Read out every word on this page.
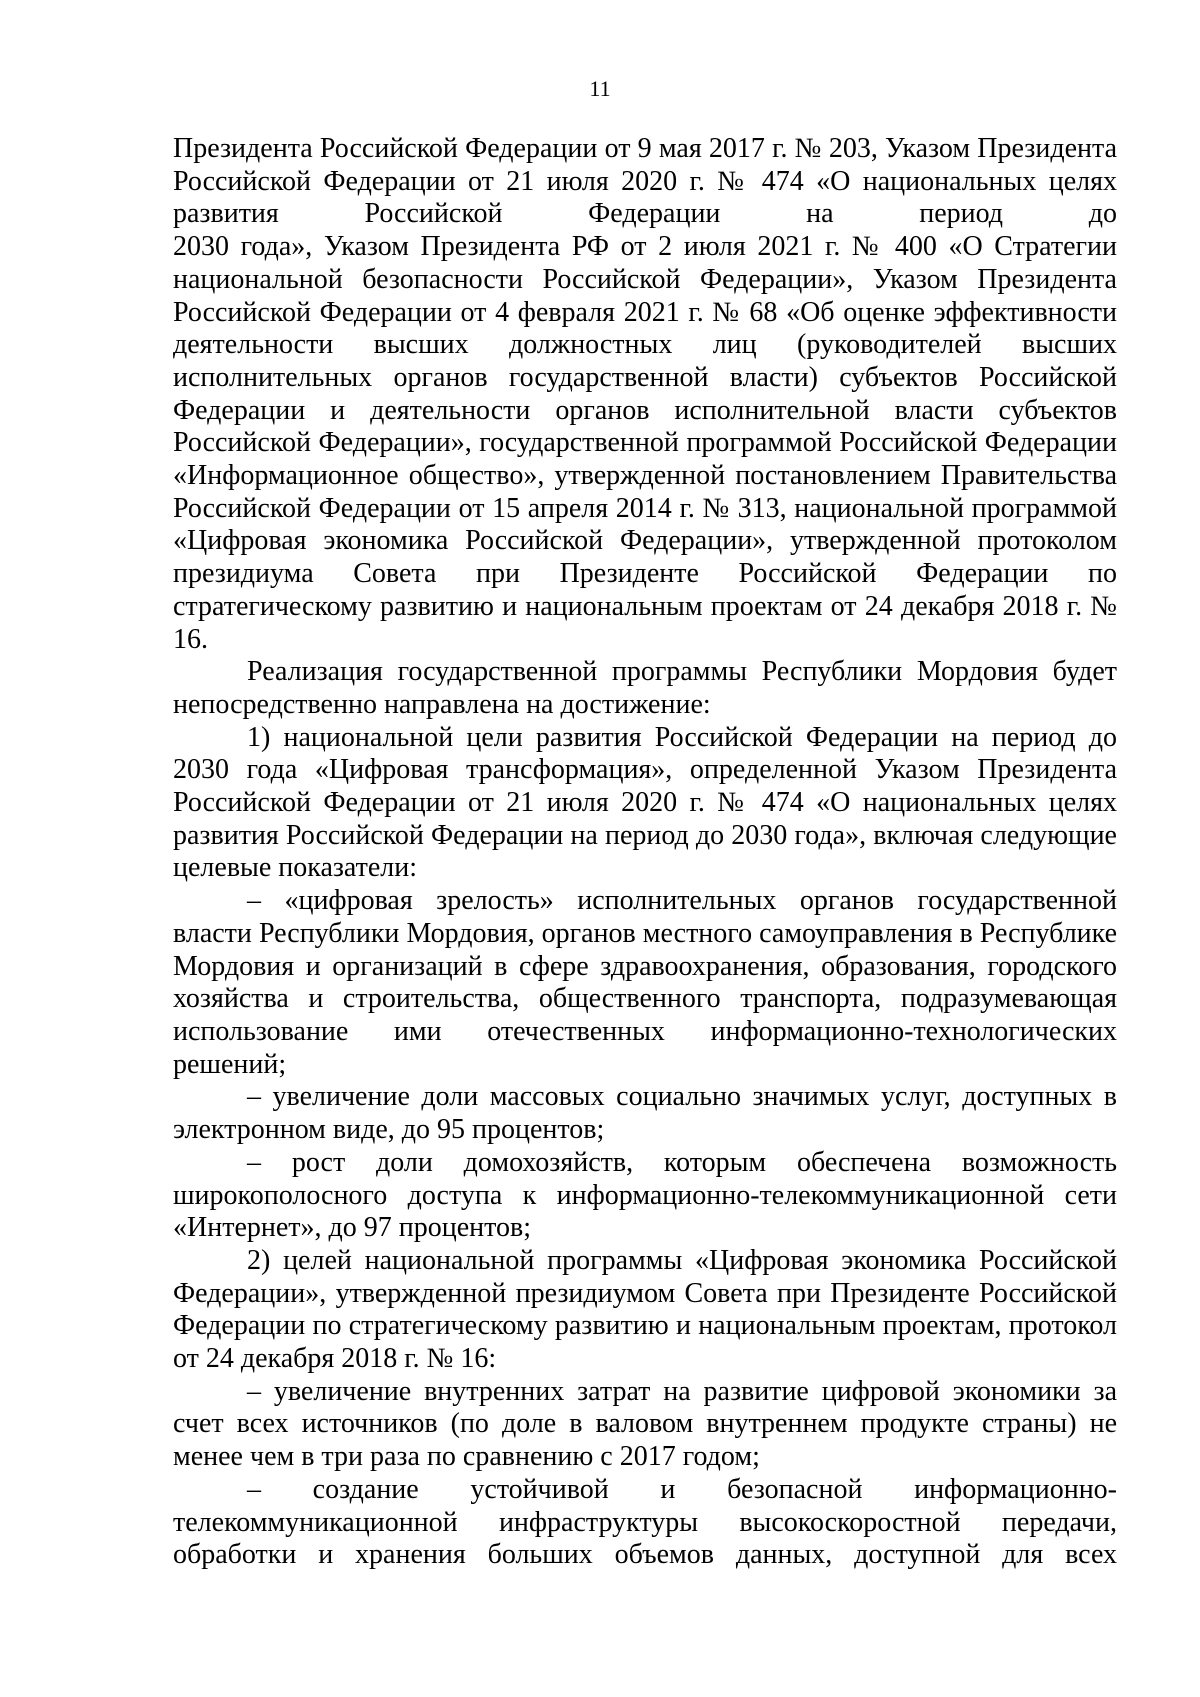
11

Президента Российской Федерации от 9 мая 2017 г. № 203, Указом Президента Российской Федерации от 21 июля 2020 г. № 474 «О национальных целях развития Российской Федерации на период до

2030 года», Указом Президента РФ от 2 июля 2021 г. № 400 «О Стратегии национальной безопасности Российской Федерации», Указом Президента Российской Федерации от 4 февраля 2021 г. № 68 «Об оценке эффективности деятельности высших должностных лиц (руководителей высших исполнительных органов государственной власти) субъектов Российской Федерации и деятельности органов исполнительной власти субъектов Российской Федерации», государственной программой Российской Федерации «Информационное общество», утвержденной постановлением Правительства Российской Федерации от 15 апреля 2014 г. № 313, национальной программой «Цифровая экономика Российской Федерации», утвержденной протоколом президиума Совета при Президенте Российской Федерации по стратегическому развитию и национальным проектам от 24 декабря 2018 г. № 16.

Реализация государственной программы Республики Мордовия будет непосредственно направлена на достижение:

1) национальной цели развития Российской Федерации на период до 2030 года «Цифровая трансформация», определенной Указом Президента Российской Федерации от 21 июля 2020 г. № 474 «О национальных целях развития Российской Федерации на период до 2030 года», включая следующие целевые показатели:

– «цифровая зрелость» исполнительных органов государственной власти Республики Мордовия, органов местного самоуправления в Республике Мордовия и организаций в сфере здравоохранения, образования, городского хозяйства и строительства, общественного транспорта, подразумевающая использование ими отечественных информационно-технологических решений;

– увеличение доли массовых социально значимых услуг, доступных в электронном виде, до 95 процентов;

– рост доли домохозяйств, которым обеспечена возможность широкополосного доступа к информационно-телекоммуникационной сети «Интернет», до 97 процентов;

2) целей национальной программы «Цифровая экономика Российской Федерации», утвержденной президиумом Совета при Президенте Российской Федерации по стратегическому развитию и национальным проектам, протокол от 24 декабря 2018 г. № 16:

– увеличение внутренних затрат на развитие цифровой экономики за счет всех источников (по доле в валовом внутреннем продукте страны) не менее чем в три раза по сравнению с 2017 годом;

– создание устойчивой и безопасной информационно-телекоммуникационной инфраструктуры высокоскоростной передачи, обработки и хранения больших объемов данных, доступной для всех
